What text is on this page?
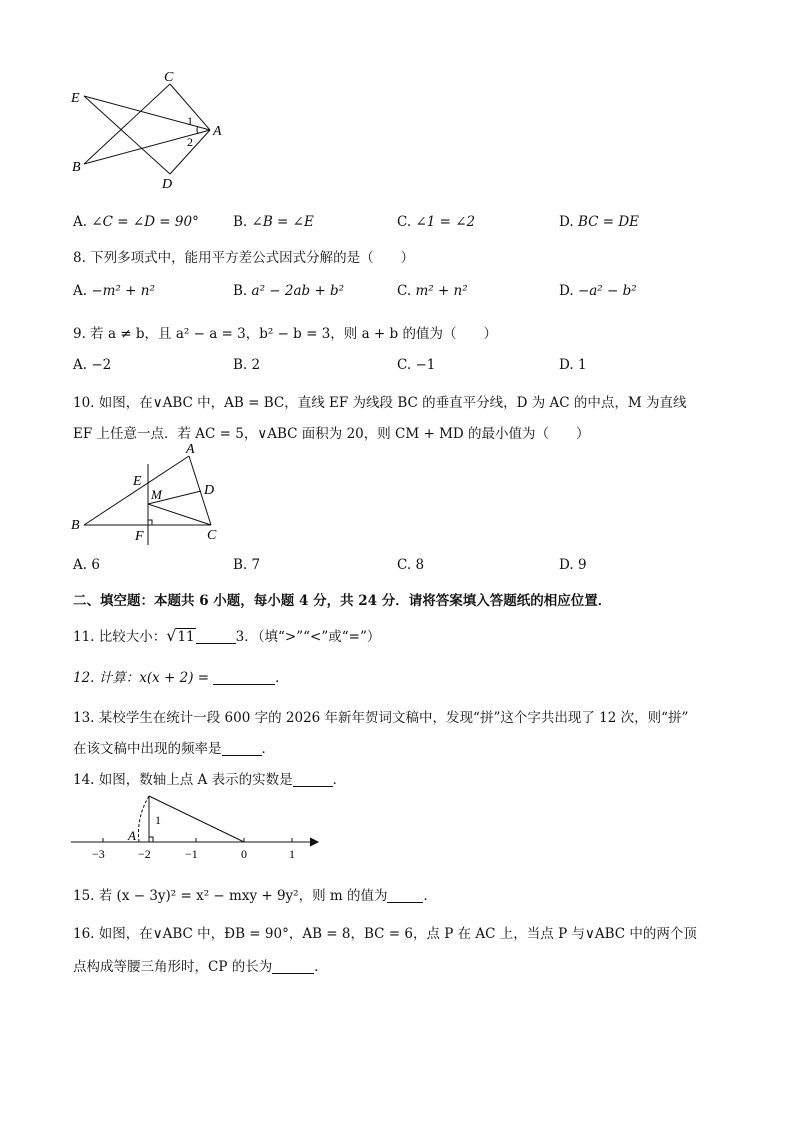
C
E
A
B
D
1
2
A. ∠C = ∠D = 90°	B. ∠B = ∠E	C. ∠1 = ∠2	D. BC = DE
8. 下列多项式中，能用平方差公式因式分解的是（　　）
A. −m² + n²	B. a² − 2ab + b²	C. m² + n²	D. −a² − b²
9. 若 a ≠ b，且 a² − a = 3，b² − b = 3，则 a + b 的值为（　　）
A. −2	B. 2	C. −1	D. 1
10. 如图，在∨ABC 中，AB = BC，直线 EF 为线段 BC 的垂直平分线，D 为 AC 的中点，M 为直线
EF 上任意一点．若 AC = 5，∨ABC 面积为 20，则 CM + MD 的最小值为（　　）
A
E
M	D
B
F	C
A. 6	B. 7	C. 8	D. 9
二、填空题：本题共 6 小题，每小题 4 分，共 24 分．请将答案填入答题纸的相应位置．
11. 比较大小：√11	3．（填“>”“<”或“=”）
12. 计算：x(x + 2) =	．
13. 某校学生在统计一段 600 字的 2026 年新年贺词文稿中，发现“拼”这个字共出现了 12 次，则“拼”
在该文稿中出现的频率是	．
14. 如图，数轴上点 A 表示的实数是	．
−3	−2	−1	0	1
A
1
15. 若 (x − 3y)² = x² − mxy + 9y²，则 m 的值为	．
16. 如图，在∨ABC 中，ÐB = 90°，AB = 8，BC = 6，点 P 在 AC 上，当点 P 与∨ABC 中的两个顶
点构成等腰三角形时，CP 的长为	．
